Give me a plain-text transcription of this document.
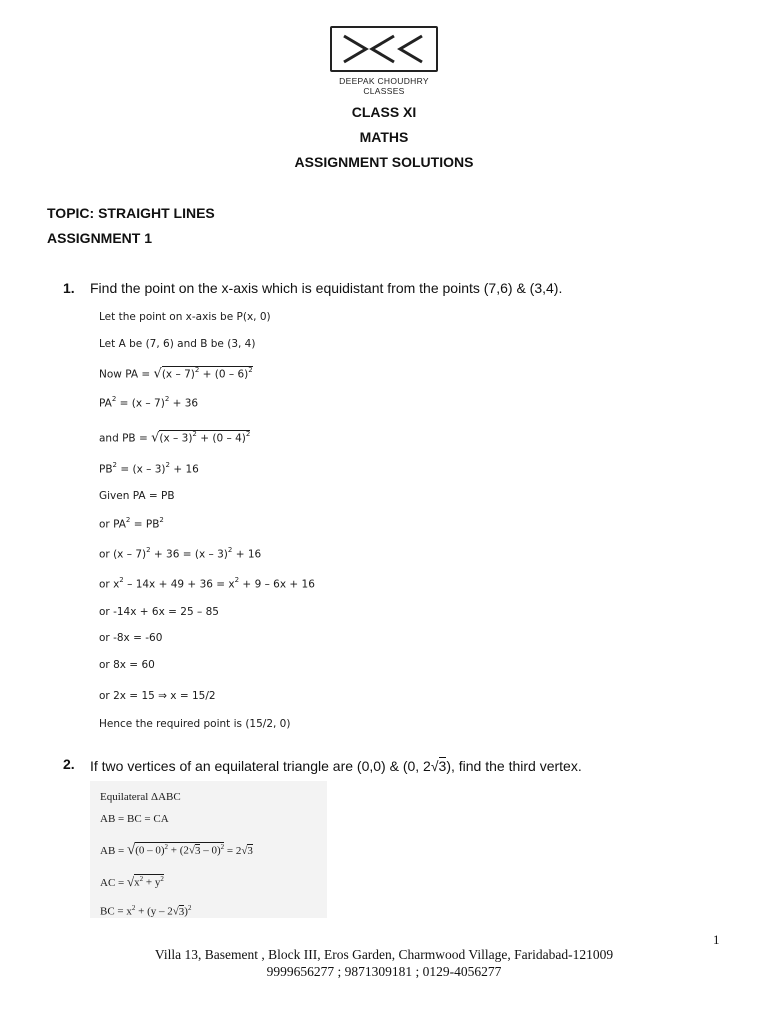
DEEPAK CHOUDHRY CLASSES
CLASS XI
MATHS
ASSIGNMENT SOLUTIONS
TOPIC: STRAIGHT LINES
ASSIGNMENT 1
1. Find the point on the x-axis which is equidistant from the points (7,6) & (3,4).
Let the point on x-axis be P(x, 0)
Let A be (7, 6) and B be (3, 4)
Now PA = √(x – 7)$^2$ + (0 – 6)$^2$
$PA^2 = (x - 7)^2 + 36$
and PB = √(x – 3)$^2$ + (0 – 4)$^2$
$PB^2 = (x - 3)^2 + 16$
Given PA = PB
or $PA^2 = PB^2$
or (x – 7)$^2$ + 36 = (x – 3)$^2$ + 16
or $x^2 - 14x + 49 + 36 = x^2 + 9 - 6x + 16$
or -14x + 6x = 25 – 85
or -8x = -60
or 8x = 60
or 2x = 15 ⇒ x = 15/2
Hence the required point is (15/2, 0)
2. If two vertices of an equilateral triangle are (0,0) & (0, 2√3), find the third vertex.
Equilateral ΔABC
AB = BC = CA
AB = √(0 – 0)$^2$ + (2√3 – 0)$^2$ = 2√3
AC = $√x^2 + y^2$
BC = $x^2 + (y - 2√3)^2$
1
Villa 13, Basement , Block III, Eros Garden, Charmwood Village, Faridabad-121009
9999656277 ; 9871309181 ; 0129-4056277
